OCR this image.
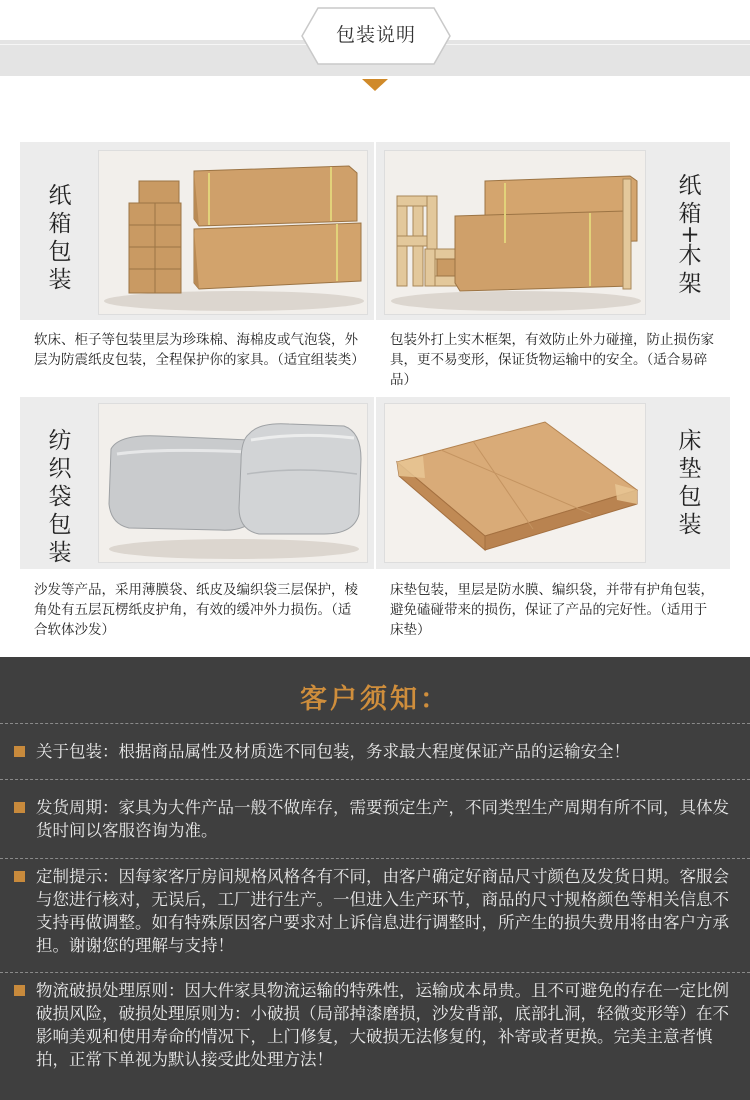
包装说明
纸
箱
包
装
软床、柜子等包装里层为珍珠棉、海棉皮或气泡袋，外层为防震纸皮包装，全程保护你的家具。（适宜组装类）
纸
箱
+
木
架
包装外打上实木框架，有效防止外力碰撞，防止损伤家具，更不易变形，保证货物运输中的安全。（适合易碎品）
纺
织
袋
包
装
沙发等产品，采用薄膜袋、纸皮及编织袋三层保护，棱角处有五层瓦楞纸皮护角，有效的缓冲外力损伤。（适合软体沙发）
床
垫
包
装
床垫包装，里层是防水膜、编织袋，并带有护角包装，避免磕碰带来的损伤，保证了产品的完好性。（适用于床垫）
客户须知：
关于包装：根据商品属性及材质选不同包装，务求最大程度保证产品的运输安全！
发货周期：家具为大件产品一般不做库存，需要预定生产，不同类型生产周期有所不同，具体发货时间以客服咨询为准。
定制提示：因每家客厅房间规格风格各有不同，由客户确定好商品尺寸颜色及发货日期。客服会与您进行核对，无误后，工厂进行生产。一但进入生产环节，商品的尺寸规格颜色等相关信息不支持再做调整。如有特殊原因客户要求对上诉信息进行调整时，所产生的损失费用将由客户方承担。谢谢您的理解与支持！
物流破损处理原则：因大件家具物流运输的特殊性，运输成本昂贵。且不可避免的存在一定比例破损风险，破损处理原则为：小破损（局部掉漆磨损，沙发背部，底部扎洞，轻微变形等）在不影响美观和使用寿命的情况下，上门修复，大破损无法修复的，补寄或者更换。完美主意者慎拍，正常下单视为默认接受此处理方法！
